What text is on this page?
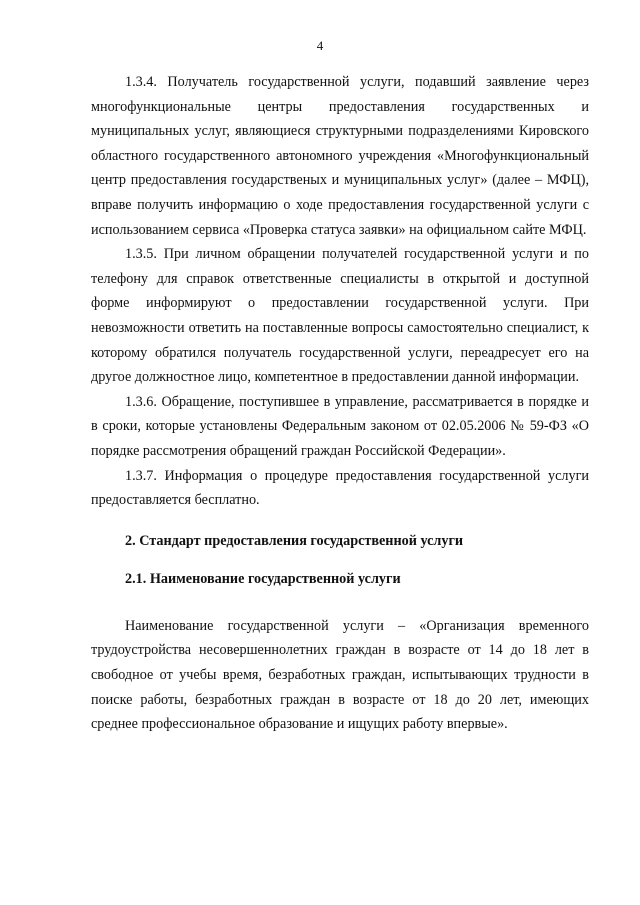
4

1.3.4. Получатель государственной услуги, подавший заявление через многофункциональные центры предоставления государственных и муниципальных услуг, являющиеся структурными подразделениями Кировского областного государственного автономного учреждения «Многофункциональный центр предоставления государственых и муниципальных услуг» (далее – МФЦ), вправе получить информацию о ходе предоставления государственной услуги с использованием сервиса «Проверка статуса заявки» на официальном сайте МФЦ.

1.3.5. При личном обращении получателей государственной услуги и по телефону для справок ответственные специалисты в открытой и доступной форме информируют о предоставлении государственной услуги. При невозможности ответить на поставленные вопросы самостоятельно специалист, к которому обратился получатель государственной услуги, переадресует его на другое должностное лицо, компетентное в предоставлении данной информации.

1.3.6. Обращение, поступившее в управление, рассматривается в порядке и в сроки, которые установлены Федеральным законом от 02.05.2006 № 59-ФЗ «О порядке рассмотрения обращений граждан Российской Федерации».

1.3.7. Информация о процедуре предоставления государственной услуги предоставляется бесплатно.

2. Стандарт предоставления государственной услуги

2.1. Наименование государственной услуги

Наименование государственной услуги – «Организация временного трудоустройства несовершеннолетних граждан в возрасте от 14 до 18 лет в свободное от учебы время, безработных граждан, испытывающих трудности в поиске работы, безработных граждан в возрасте от 18 до 20 лет, имеющих среднее профессиональное образование и ищущих работу впервые».
